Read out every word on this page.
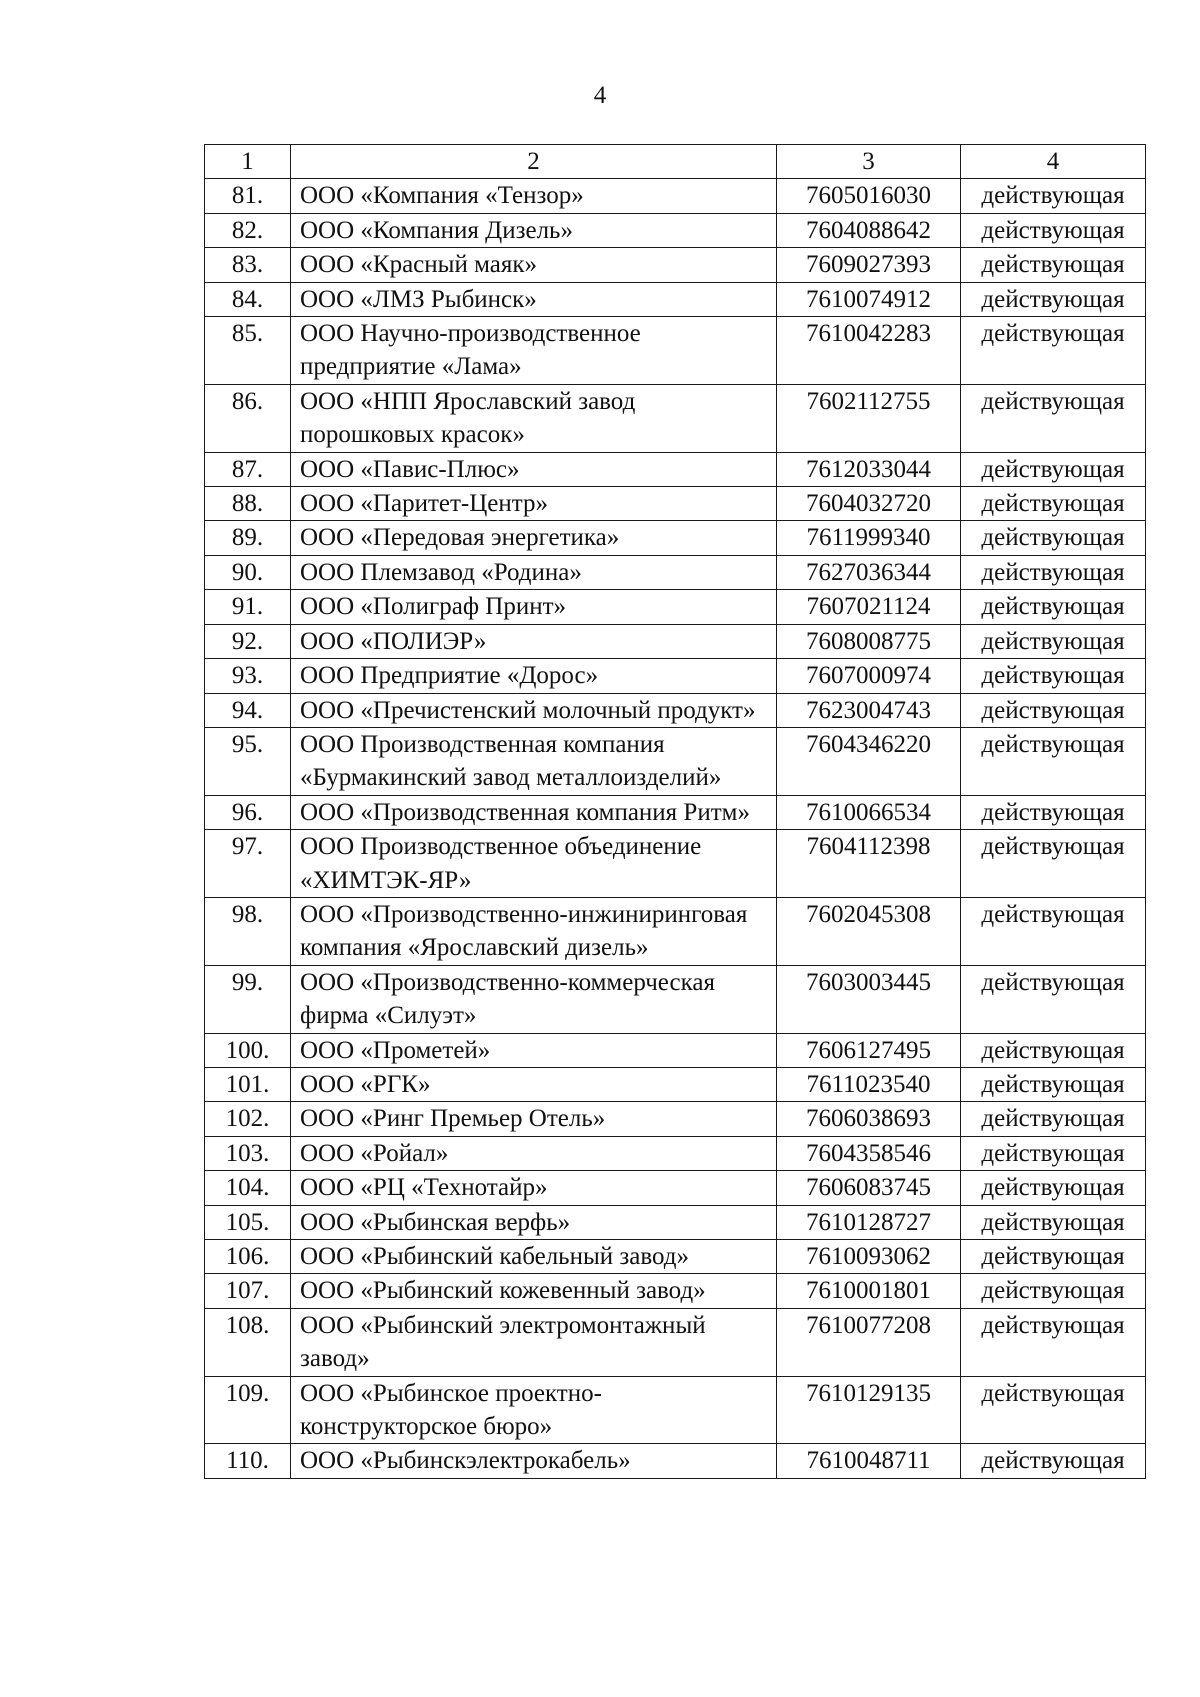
4
1	2	3	4
81.	ООО «Компания «Тензор»	7605016030	действующая
82.	ООО «Компания Дизель»	7604088642	действующая
83.	ООО «Красный маяк»	7609027393	действующая
84.	ООО «ЛМЗ Рыбинск»	7610074912	действующая
85.	ООО Научно-производственное предприятие «Лама»	7610042283	действующая
86.	ООО «НПП Ярославский завод порошковых красок»	7602112755	действующая
87.	ООО «Павис-Плюс»	7612033044	действующая
88.	ООО «Паритет-Центр»	7604032720	действующая
89.	ООО «Передовая энергетика»	7611999340	действующая
90.	ООО Племзавод «Родина»	7627036344	действующая
91.	ООО «Полиграф Принт»	7607021124	действующая
92.	ООО «ПОЛИЭР»	7608008775	действующая
93.	ООО Предприятие «Дорос»	7607000974	действующая
94.	ООО «Пречистенский молочный продукт»	7623004743	действующая
95.	ООО Производственная компания «Бурмакинский завод металлоизделий»	7604346220	действующая
96.	ООО «Производственная компания Ритм»	7610066534	действующая
97.	ООО Производственное объединение «ХИМТЭК-ЯР»	7604112398	действующая
98.	ООО «Производственно-инжиниринговая компания «Ярославский дизель»	7602045308	действующая
99.	ООО «Производственно-коммерческая фирма «Силуэт»	7603003445	действующая
100.	ООО «Прометей»	7606127495	действующая
101.	ООО «РГК»	7611023540	действующая
102.	ООО «Ринг Премьер Отель»	7606038693	действующая
103.	ООО «Ройал»	7604358546	действующая
104.	ООО «РЦ «Технотайр»	7606083745	действующая
105.	ООО «Рыбинская верфь»	7610128727	действующая
106.	ООО «Рыбинский кабельный завод»	7610093062	действующая
107.	ООО «Рыбинский кожевенный завод»	7610001801	действующая
108.	ООО «Рыбинский электромонтажный завод»	7610077208	действующая
109.	ООО «Рыбинское проектно-конструкторское бюро»	7610129135	действующая
110.	ООО «Рыбинскэлектрокабель»	7610048711	действующая
